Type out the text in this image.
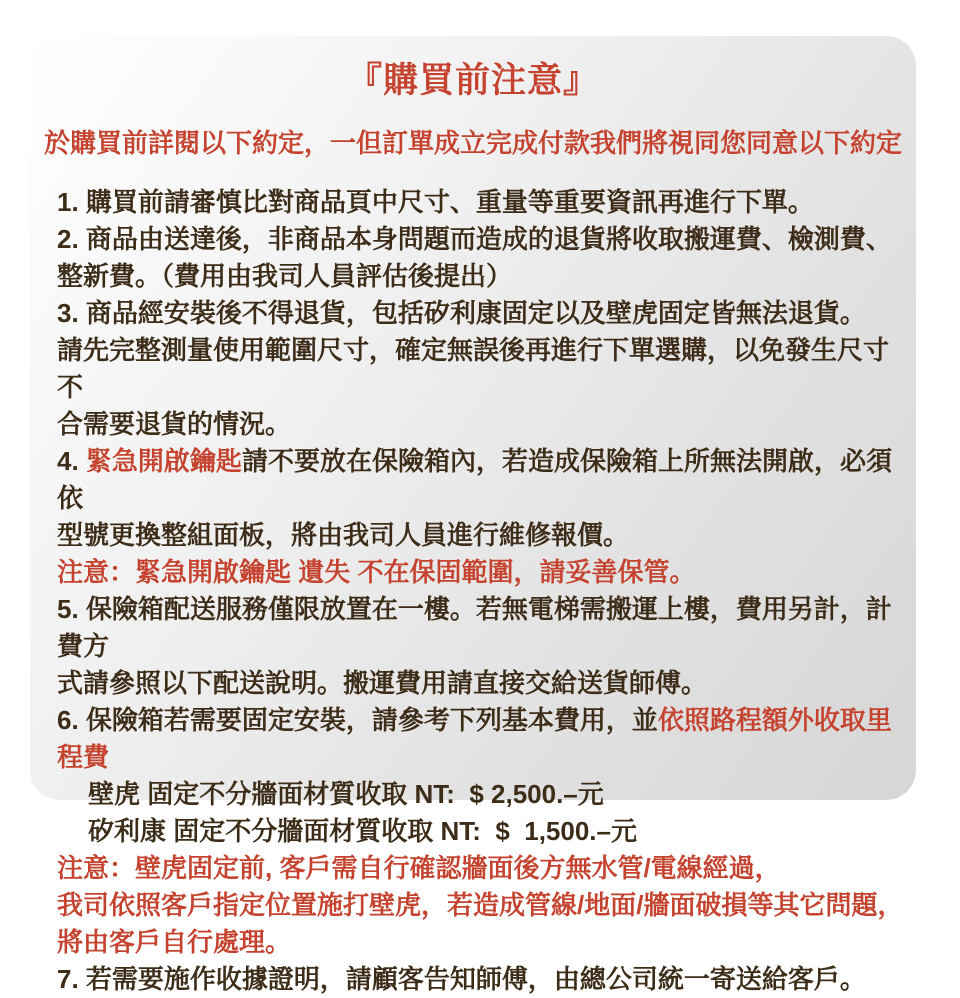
『購買前注意』
於購買前詳閱以下約定，一但訂單成立完成付款我們將視同您同意以下約定

1. 購買前請審慎比對商品頁中尺寸、重量等重要資訊再進行下單。

2. 商品由送達後，非商品本身問題而造成的退貨將收取搬運費、檢測費、

整新費。（費用由我司人員評估後提出）

3. 商品經安裝後不得退貨，包括矽利康固定以及壁虎固定皆無法退貨。

請先完整測量使用範圍尺寸，確定無誤後再進行下單選購，以免發生尺寸不

合需要退貨的情況。

4. 緊急開啟鑰匙請不要放在保險箱內，若造成保險箱上所無法開啟，必須依

型號更換整組面板，將由我司人員進行維修報價。

注意：緊急開啟鑰匙 遺失 不在保固範圍，請妥善保管。

5. 保險箱配送服務僅限放置在一樓。若無電梯需搬運上樓，費用另計，計費方

式請參照以下配送說明。搬運費用請直接交給送貨師傅。

6. 保險箱若需要固定安裝，請參考下列基本費用，並依照路程額外收取里程費

壁虎 固定不分牆面材質收取 NT:  $ 2,500.–元

矽利康 固定不分牆面材質收取 NT:  $  1,500.–元

注意：壁虎固定前, 客戶需自行確認牆面後方無水管/電線經過，

我司依照客戶指定位置施打壁虎，若造成管線/地面/牆面破損等其它問題，

將由客戶自行處理。

7. 若需要施作收據證明，請顧客告知師傅，由總公司統一寄送給客戶。
